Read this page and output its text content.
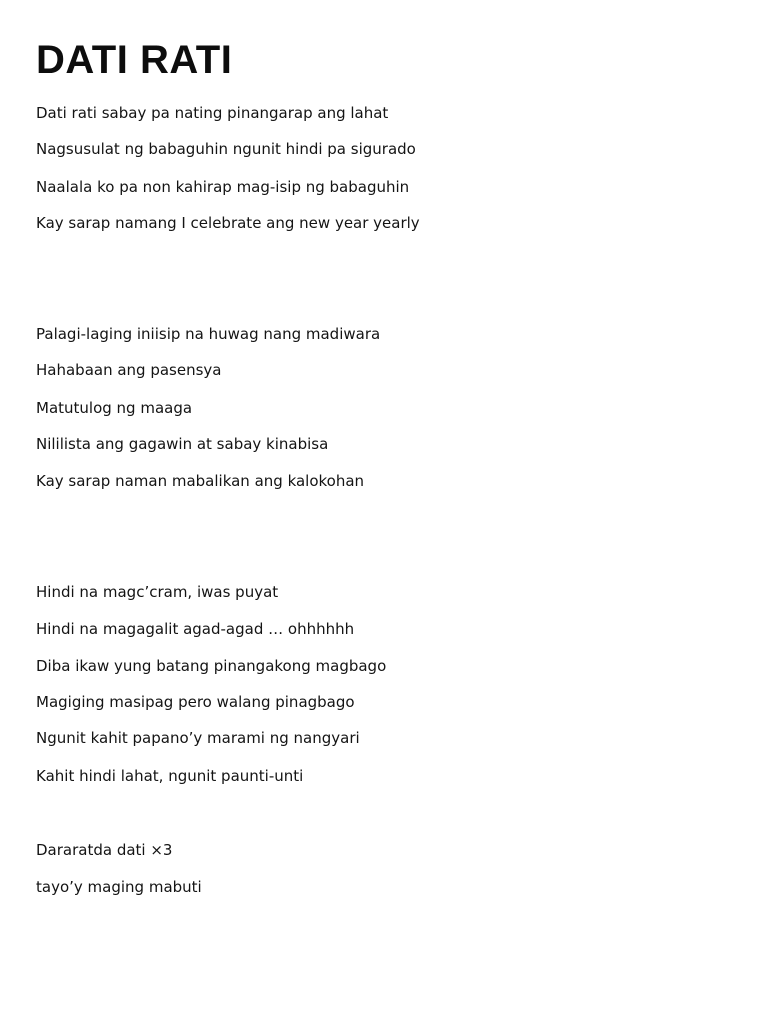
DATI RATI

Dati rati sabay pa nating pinangarap ang lahat

Nagsusulat ng babaguhin ngunit hindi pa sigurado

Naalala ko pa non kahirap mag-isip ng babaguhin

Kay sarap namang I celebrate ang new year yearly

Palagi-laging iniisip na huwag nang madiwara

Hahabaan ang pasensya

Matutulog ng maaga

Nililista ang gagawin at sabay kinabisa

Kay sarap naman mabalikan ang kalokohan

Hindi na magc’cram, iwas puyat

Hindi na magagalit agad-agad … ohhhhhh

Diba ikaw yung batang pinangakong magbago

Magiging masipag pero walang pinagbago

Ngunit kahit papano’y marami ng nangyari

Kahit hindi lahat, ngunit paunti-unti

Dararatda dati ×3

tayo’y maging mabuti
